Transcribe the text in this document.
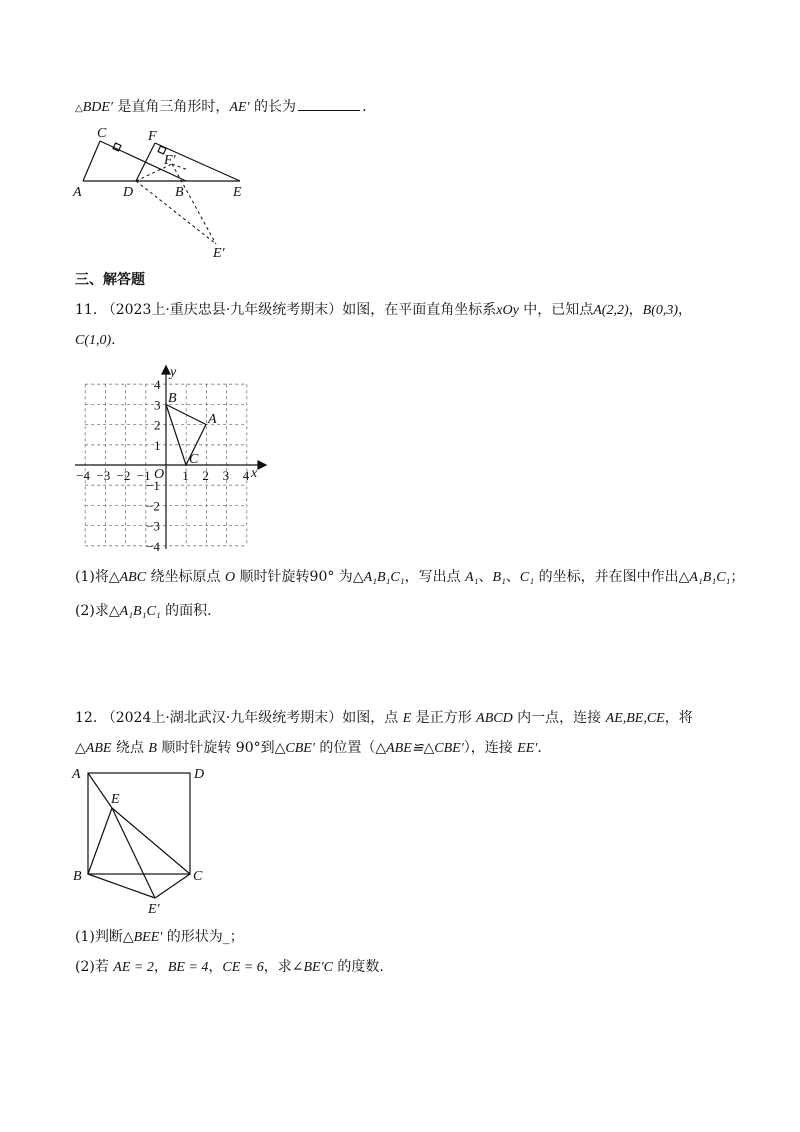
△BDE′ 是直角三角形时，AE′ 的长为	.
A
C
D
F
F′
B	E
E′
三、解答题
11. （2023上·重庆忠县·九年级统考期末）如图，在平面直角坐标系xOy 中，已知点A(2,2)，B(0,3)，
C(1,0).
−4 −3 −2 −1 1 2 3 4
4
3
2
1
−1
−2
−3
−4
y
x
O
B
A
C
(1)将△ABC 绕坐标原点 O 顺时针旋转90° 为△A₁B₁C₁，写出点 A₁、B₁、C₁ 的坐标，并在图中作出△A₁B₁C₁；
(2)求△A₁B₁C₁ 的面积.
12. （2024上·湖北武汉·九年级统考期末）如图，点 E 是正方形 ABCD 内一点，连接 AE,BE,CE，将
△ABE 绕点 B 顺时针旋转 90°到△CBE′ 的位置（△ABE≌△CBE′），连接 EE′.
A	D
E
B	C
E′
(1)判断△BEE′ 的形状为_；
(2)若 AE = 2，BE = 4，CE = 6，求∠BE′C 的度数.
